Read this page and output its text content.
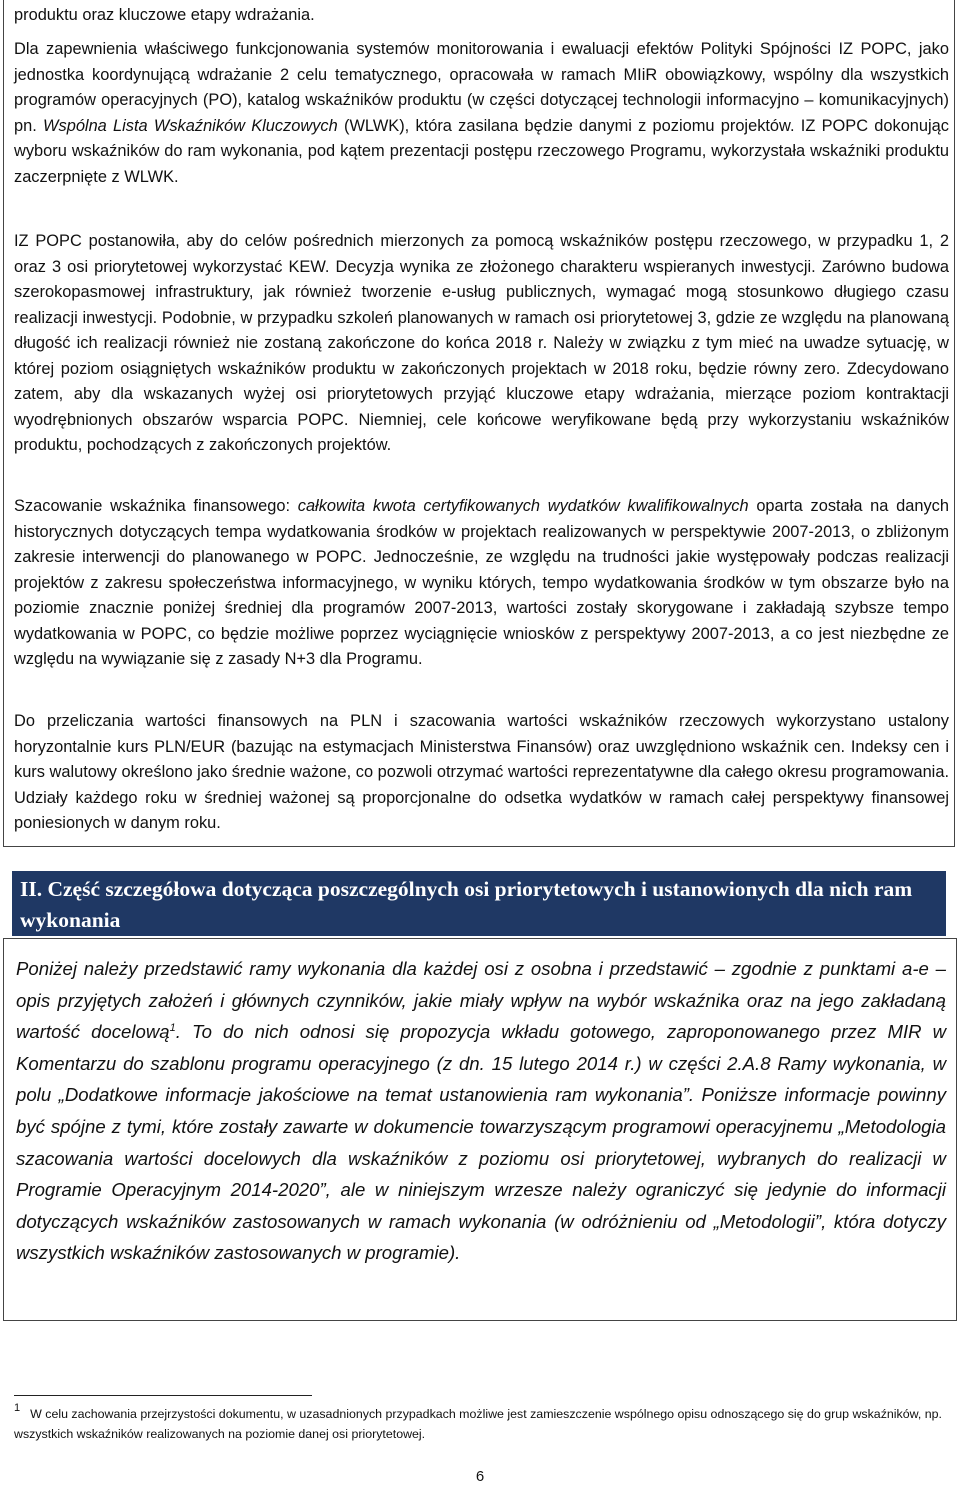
produktu oraz kluczowe etapy wdrażania.

Dla zapewnienia właściwego funkcjonowania systemów monitorowania i ewaluacji efektów Polityki Spójności IZ POPC, jako jednostka koordynującą wdrażanie 2 celu tematycznego, opracowała w ramach MIiR obowiązkowy, wspólny dla wszystkich programów operacyjnych (PO), katalog wskaźników produktu (w części dotyczącej technologii informacyjno – komunikacyjnych) pn. Wspólna Lista Wskaźników Kluczowych (WLWK), która zasilana będzie danymi z poziomu projektów. IZ POPC dokonując wyboru wskaźników do ram wykonania, pod kątem prezentacji postępu rzeczowego Programu, wykorzystała wskaźniki produktu zaczerpnięte z WLWK.

IZ POPC postanowiła, aby do celów pośrednich mierzonych za pomocą wskaźników postępu rzeczowego, w przypadku 1, 2 oraz 3 osi priorytetowej wykorzystać KEW. Decyzja wynika ze złożonego charakteru wspieranych inwestycji. Zarówno budowa szerokopasmowej infrastruktury, jak również tworzenie e-usług publicznych, wymagać mogą stosunkowo długiego czasu realizacji inwestycji. Podobnie, w przypadku szkoleń planowanych w ramach osi priorytetowej 3, gdzie ze względu na planowaną długość ich realizacji również nie zostaną zakończone do końca 2018 r. Należy w związku z tym mieć na uwadze sytuację, w której poziom osiągniętych wskaźników produktu w zakończonych projektach w 2018 roku, będzie równy zero. Zdecydowano zatem, aby dla wskazanych wyżej osi priorytetowych przyjąć kluczowe etapy wdrażania, mierzące poziom kontraktacji wyodrębnionych obszarów wsparcia POPC. Niemniej, cele końcowe weryfikowane będą przy wykorzystaniu wskaźników produktu, pochodzących z zakończonych projektów.

Szacowanie wskaźnika finansowego: całkowita kwota certyfikowanych wydatków kwalifikowalnych oparta została na danych historycznych dotyczących tempa wydatkowania środków w projektach realizowanych w perspektywie 2007-2013, o zbliżonym zakresie interwencji do planowanego w POPC. Jednocześnie, ze względu na trudności jakie występowały podczas realizacji projektów z zakresu społeczeństwa informacyjnego, w wyniku których, tempo wydatkowania środków w tym obszarze było na poziomie znacznie poniżej średniej dla programów 2007-2013, wartości zostały skorygowane i zakładają szybsze tempo wydatkowania w POPC, co będzie możliwe poprzez wyciągnięcie wniosków z perspektywy 2007-2013, a co jest niezbędne ze względu na wywiązanie się z zasady N+3 dla Programu.

Do przeliczania wartości finansowych na PLN i szacowania wartości wskaźników rzeczowych wykorzystano ustalony horyzontalnie kurs PLN/EUR (bazując na estymacjach Ministerstwa Finansów) oraz uwzględniono wskaźnik cen. Indeksy cen i kurs walutowy określono jako średnie ważone, co pozwoli otrzymać wartości reprezentatywne dla całego okresu programowania. Udziały każdego roku w średniej ważonej są proporcjonalne do odsetka wydatków w ramach całej perspektywy finansowej poniesionych w danym roku.

II. Część szczegółowa dotycząca poszczególnych osi priorytetowych i ustanowionych dla nich ram wykonania

Poniżej należy przedstawić ramy wykonania dla każdej osi z osobna i przedstawić – zgodnie z punktami a-e – opis przyjętych założeń i głównych czynników, jakie miały wpływ na wybór wskaźnika oraz na jego zakładaną wartość docelową$^1$. To do nich odnosi się propozycja wkładu gotowego, zaproponowanego przez MIR w Komentarzu do szablonu programu operacyjnego (z dn. 15 lutego 2014 r.) w części 2.A.8 Ramy wykonania, w polu „Dodatkowe informacje jakościowe na temat ustanowienia ram wykonania”. Poniższe informacje powinny być spójne z tymi, które zostały zawarte w dokumencie towarzyszącym programowi operacyjnemu „Metodologia szacowania wartości docelowych dla wskaźników z poziomu osi priorytetowej, wybranych do realizacji w Programie Operacyjnym 2014-2020”, ale w niniejszym wrzesze należy ograniczyć się jedynie do informacji dotyczących wskaźników zastosowanych w ramach wykonania (w odróżnieniu od „Metodologii”, która dotyczy wszystkich wskaźników zastosowanych w programie).

1 W celu zachowania przejrzystości dokumentu, w uzasadnionych przypadkach możliwe jest zamieszczenie wspólnego opisu odnoszącego się do grup wskaźników, np. wszystkich wskaźników realizowanych na poziomie danej osi priorytetowej.

6
